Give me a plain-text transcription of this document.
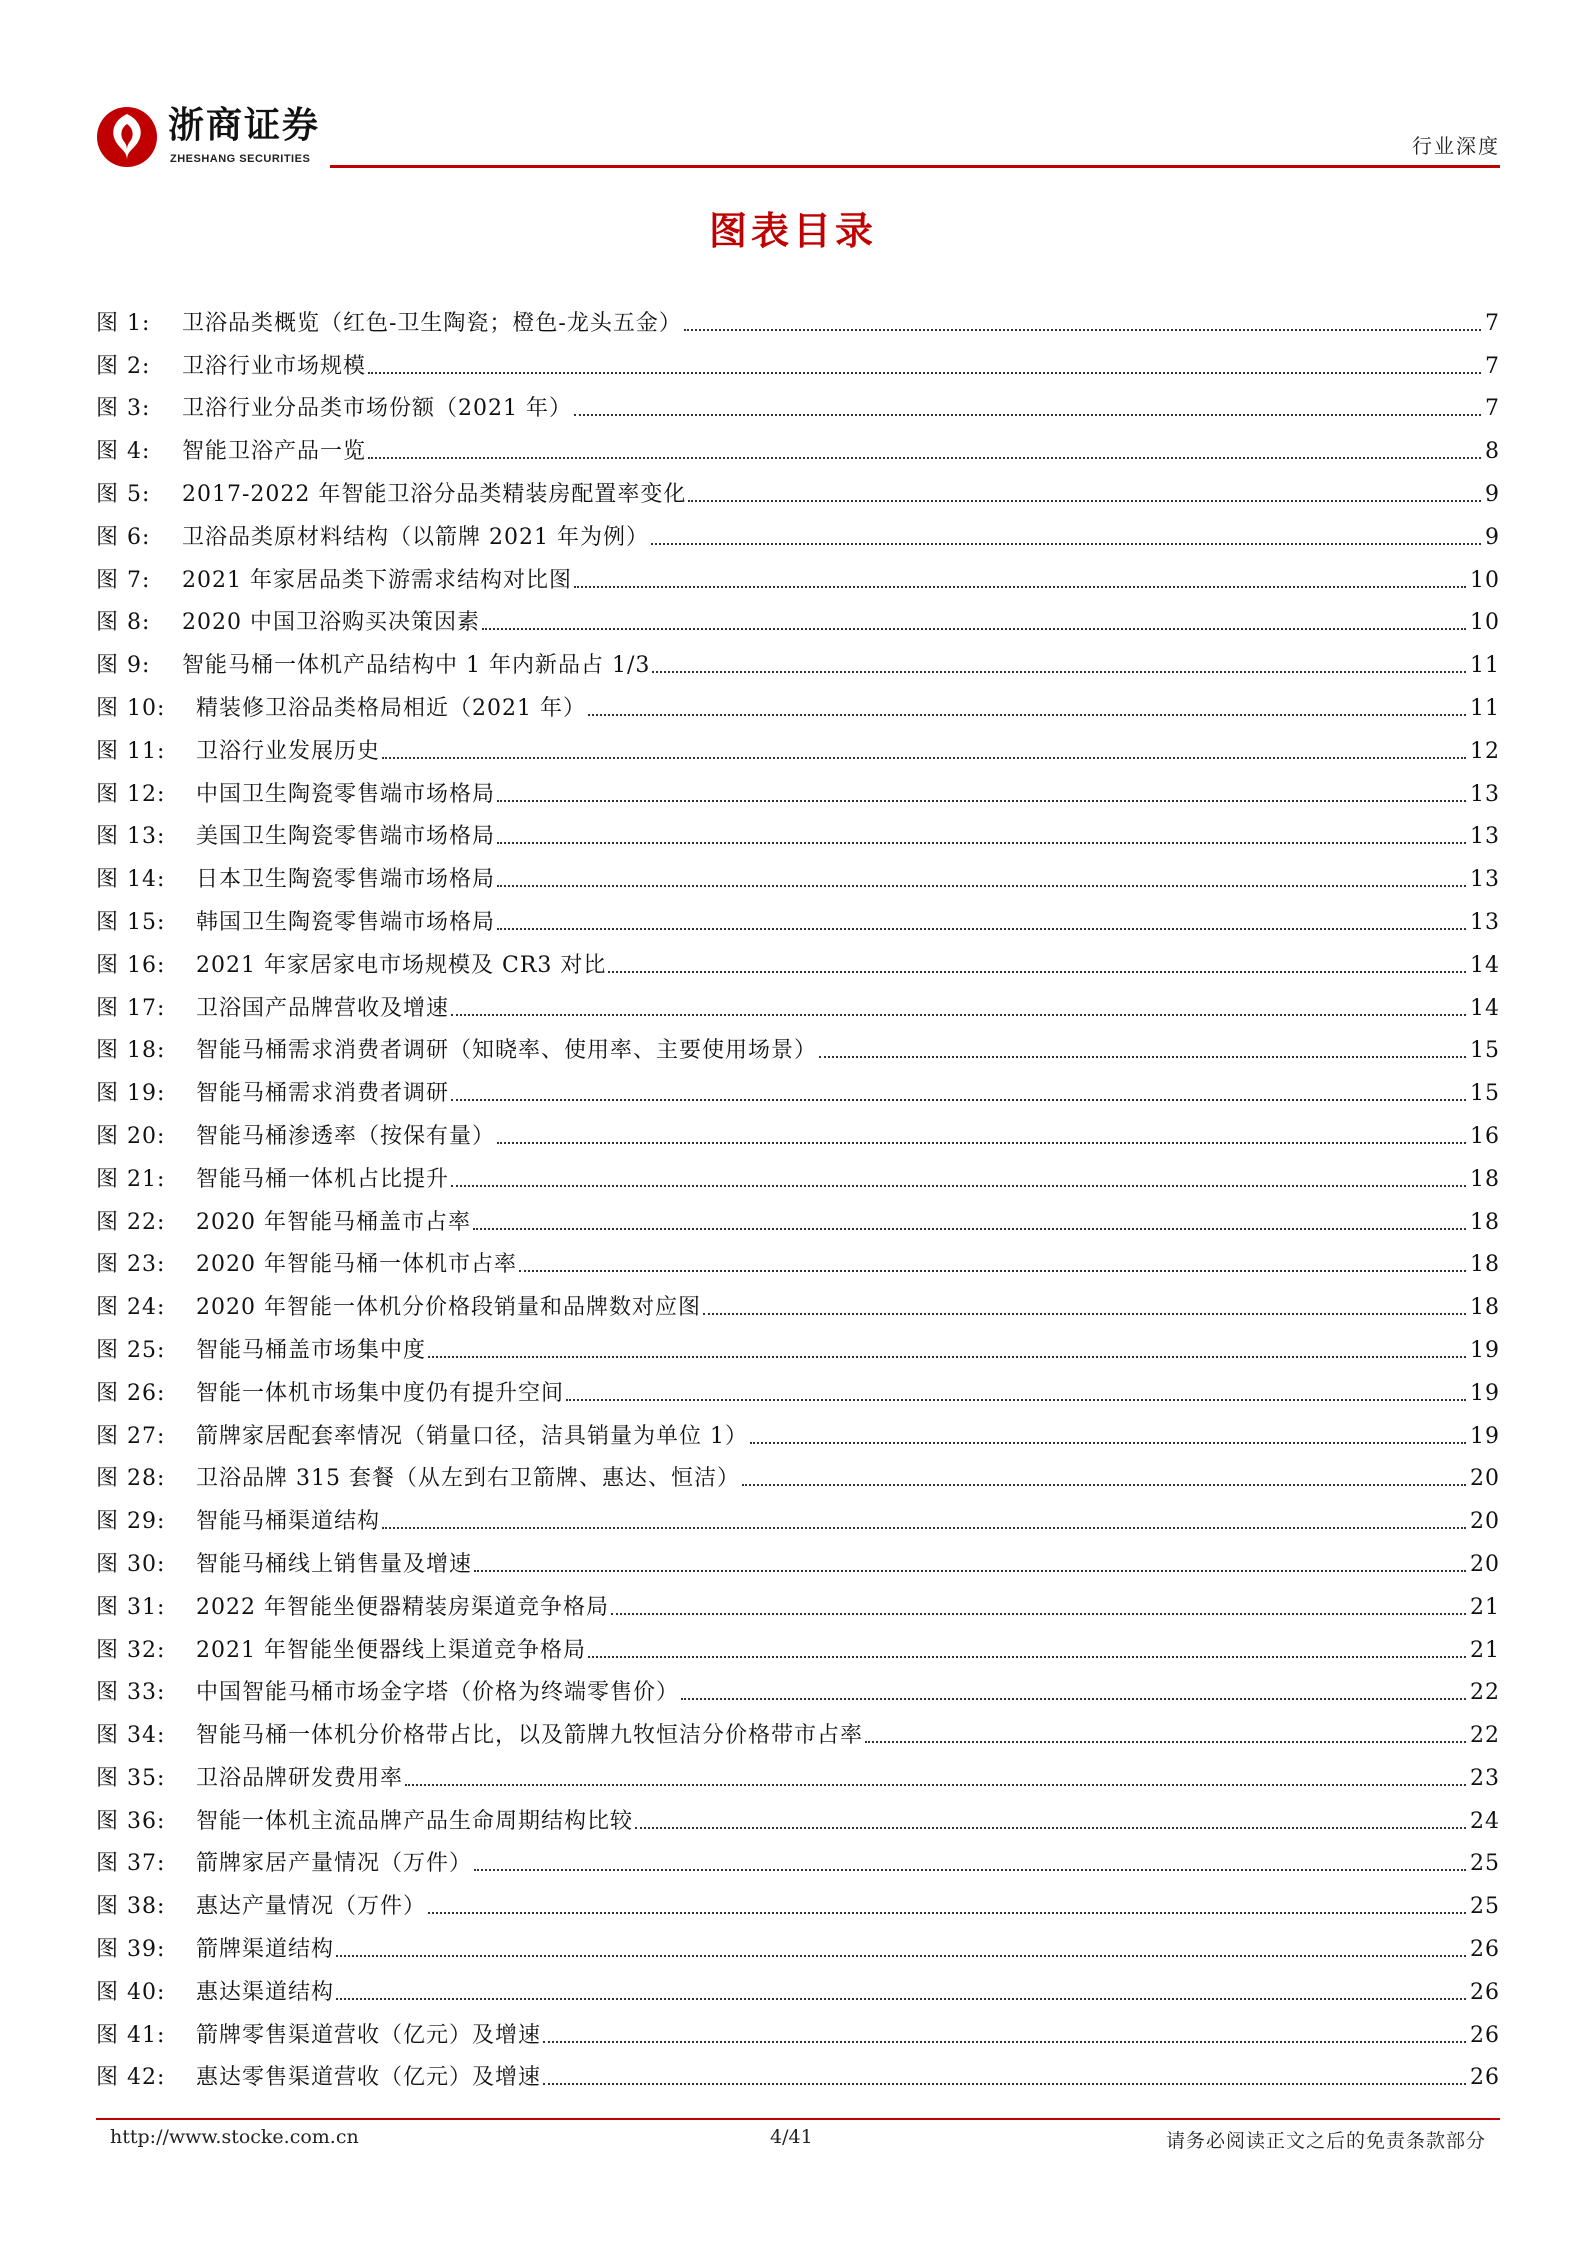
浙商证券
ZHESHANG SECURITIES
行业深度
图表目录
图 1:	卫浴品类概览（红色-卫生陶瓷；橙色-龙头五金）	7
图 2:	卫浴行业市场规模	7
图 3:	卫浴行业分品类市场份额（2021 年）	7
图 4:	智能卫浴产品一览	8
图 5:	2017-2022 年智能卫浴分品类精装房配置率变化	9
图 6:	卫浴品类原材料结构（以箭牌 2021 年为例）	9
图 7:	2021 年家居品类下游需求结构对比图	10
图 8:	2020 中国卫浴购买决策因素	10
图 9:	智能马桶一体机产品结构中 1 年内新品占 1/3	11
图 10:	精装修卫浴品类格局相近（2021 年）	11
图 11:	卫浴行业发展历史	12
图 12:	中国卫生陶瓷零售端市场格局	13
图 13:	美国卫生陶瓷零售端市场格局	13
图 14:	日本卫生陶瓷零售端市场格局	13
图 15:	韩国卫生陶瓷零售端市场格局	13
图 16:	2021 年家居家电市场规模及 CR3 对比	14
图 17:	卫浴国产品牌营收及增速	14
图 18:	智能马桶需求消费者调研（知晓率、使用率、主要使用场景）	15
图 19:	智能马桶需求消费者调研	15
图 20:	智能马桶渗透率（按保有量）	16
图 21:	智能马桶一体机占比提升	18
图 22:	2020 年智能马桶盖市占率	18
图 23:	2020 年智能马桶一体机市占率	18
图 24:	2020 年智能一体机分价格段销量和品牌数对应图	18
图 25:	智能马桶盖市场集中度	19
图 26:	智能一体机市场集中度仍有提升空间	19
图 27:	箭牌家居配套率情况（销量口径，洁具销量为单位 1）	19
图 28:	卫浴品牌 315 套餐（从左到右卫箭牌、惠达、恒洁）	20
图 29:	智能马桶渠道结构	20
图 30:	智能马桶线上销售量及增速	20
图 31:	2022 年智能坐便器精装房渠道竞争格局	21
图 32:	2021 年智能坐便器线上渠道竞争格局	21
图 33:	中国智能马桶市场金字塔（价格为终端零售价）	22
图 34:	智能马桶一体机分价格带占比，以及箭牌九牧恒洁分价格带市占率	22
图 35:	卫浴品牌研发费用率	23
图 36:	智能一体机主流品牌产品生命周期结构比较	24
图 37:	箭牌家居产量情况（万件）	25
图 38:	惠达产量情况（万件）	25
图 39:	箭牌渠道结构	26
图 40:	惠达渠道结构	26
图 41:	箭牌零售渠道营收（亿元）及增速	26
图 42:	惠达零售渠道营收（亿元）及增速	26
http://www.stocke.com.cn	4/41	请务必阅读正文之后的免责条款部分
